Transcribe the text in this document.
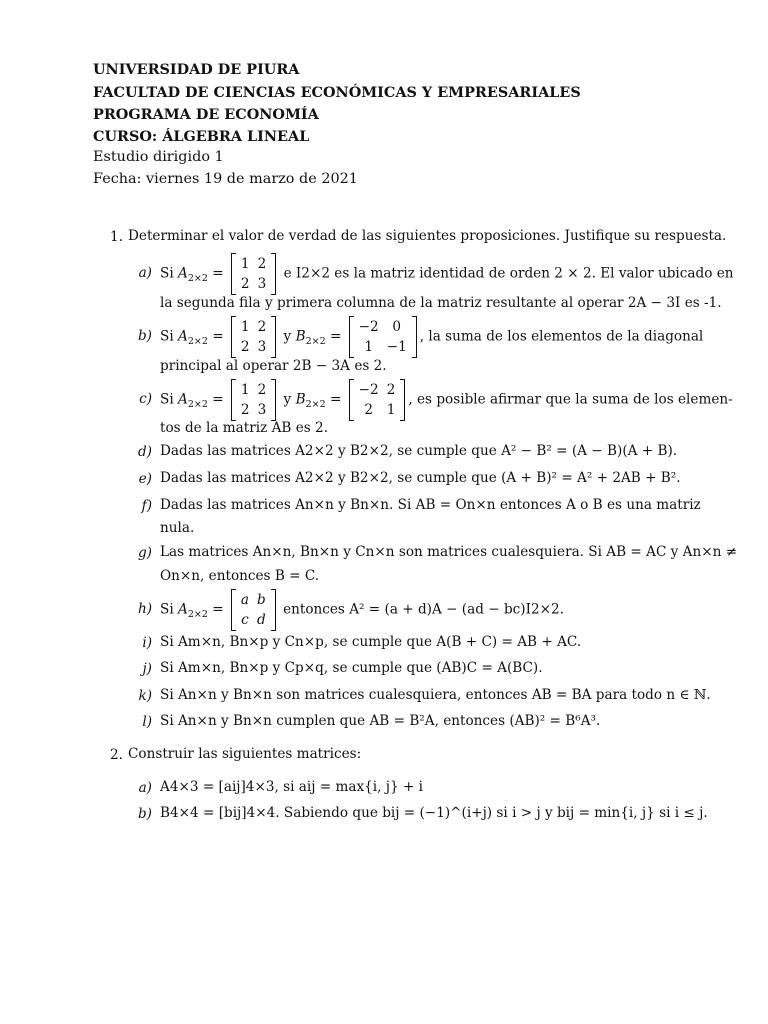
UNIVERSIDAD DE PIURA
FACULTAD DE CIENCIAS ECONÓMICAS Y EMPRESARIALES
PROGRAMA DE ECONOMÍA
CURSO: ÁLGEBRA LINEAL
Estudio dirigido 1
Fecha: viernes 19 de marzo de 2021
1. Determinar el valor de verdad de las siguientes proposiciones. Justifique su respuesta.
a) Si $A_{2\times 2}$ =
1	2
2	3
e I2×2 es la matriz identidad de orden 2 × 2. El valor ubicado en
la segunda fila y primera columna de la matriz resultante al operar 2A − 3I es -1.
b) Si $A_{2\times 2}$ =
1	2
2	3
y $B_{2\times 2}$ =
−2	0
1	−1
, la suma de los elementos de la diagonal
principal al operar 2B − 3A es 2.
c) Si $A_{2\times 2}$ =
1	2
2	3
y $B_{2\times 2}$ =
−2	2
2	1
, es posible afirmar que la suma de los elemen-
tos de la matriz AB es 2.
d) Dadas las matrices A2×2 y B2×2, se cumple que A² − B² = (A − B)(A + B).
e) Dadas las matrices A2×2 y B2×2, se cumple que (A + B)² = A² + 2AB + B².
f) Dadas las matrices An×n y Bn×n. Si AB = On×n entonces A o B es una matriz
nula.
g) Las matrices An×n, Bn×n y Cn×n son matrices cualesquiera. Si AB = AC y An×n ≠
On×n, entonces B = C.
h) Si $A_{2\times 2}$ =
a	b
c	d
entonces A² = (a + d)A − (ad − bc)I2×2.
i) Si Am×n, Bn×p y Cn×p, se cumple que A(B + C) = AB + AC.
j) Si Am×n, Bn×p y Cp×q, se cumple que (AB)C = A(BC).
k) Si An×n y Bn×n son matrices cualesquiera, entonces AB = BA para todo n ∈ ℕ.
l) Si An×n y Bn×n cumplen que AB = B²A, entonces (AB)² = B⁶A³.
2. Construir las siguientes matrices:
a) A4×3 = [aij]4×3, si aij = max{i, j} + i
b) B4×4 = [bij]4×4. Sabiendo que bij = (−1)^(i+j) si i > j y bij = min{i, j} si i ≤ j.
